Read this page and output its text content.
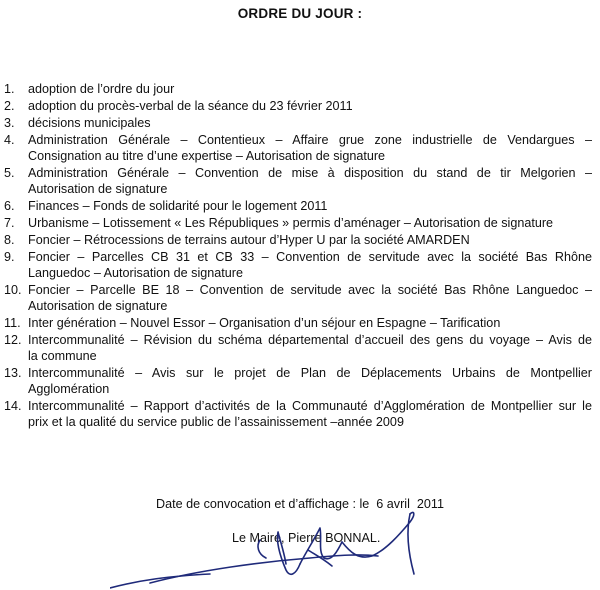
ORDRE DU JOUR :
1. adoption de l’ordre du jour
2. adoption du procès-verbal de la séance du 23 février 2011
3. décisions municipales
4. Administration Générale – Contentieux – Affaire grue zone industrielle de Vendargues –
Consignation au titre d’une expertise – Autorisation de signature
5. Administration Générale – Convention de mise à disposition du stand de tir Melgorien –
Autorisation de signature
6. Finances – Fonds de solidarité pour le logement 2011
7. Urbanisme – Lotissement « Les Républiques » permis d’aménager – Autorisation de signature
8. Foncier – Rétrocessions de terrains autour d’Hyper U par la société AMARDEN
9. Foncier – Parcelles CB 31 et CB 33 – Convention de servitude avec la société Bas Rhône
Languedoc – Autorisation de signature
10. Foncier – Parcelle BE 18 – Convention de servitude avec la société Bas Rhône Languedoc –
Autorisation de signature
11. Inter génération – Nouvel Essor – Organisation d’un séjour en Espagne – Tarification
12. Intercommunalité – Révision du schéma départemental d’accueil des gens du voyage – Avis de
la commune
13. Intercommunalité – Avis sur le projet de Plan de Déplacements Urbains de Montpellier
Agglomération
14. Intercommunalité – Rapport d’activités de la Communauté d’Agglomération de Montpellier sur le
prix et la qualité du service public de l’assainissement –année 2009
Date de convocation et d’affichage : le  6 avril  2011
Le Maire, Pierre BONNAL.
